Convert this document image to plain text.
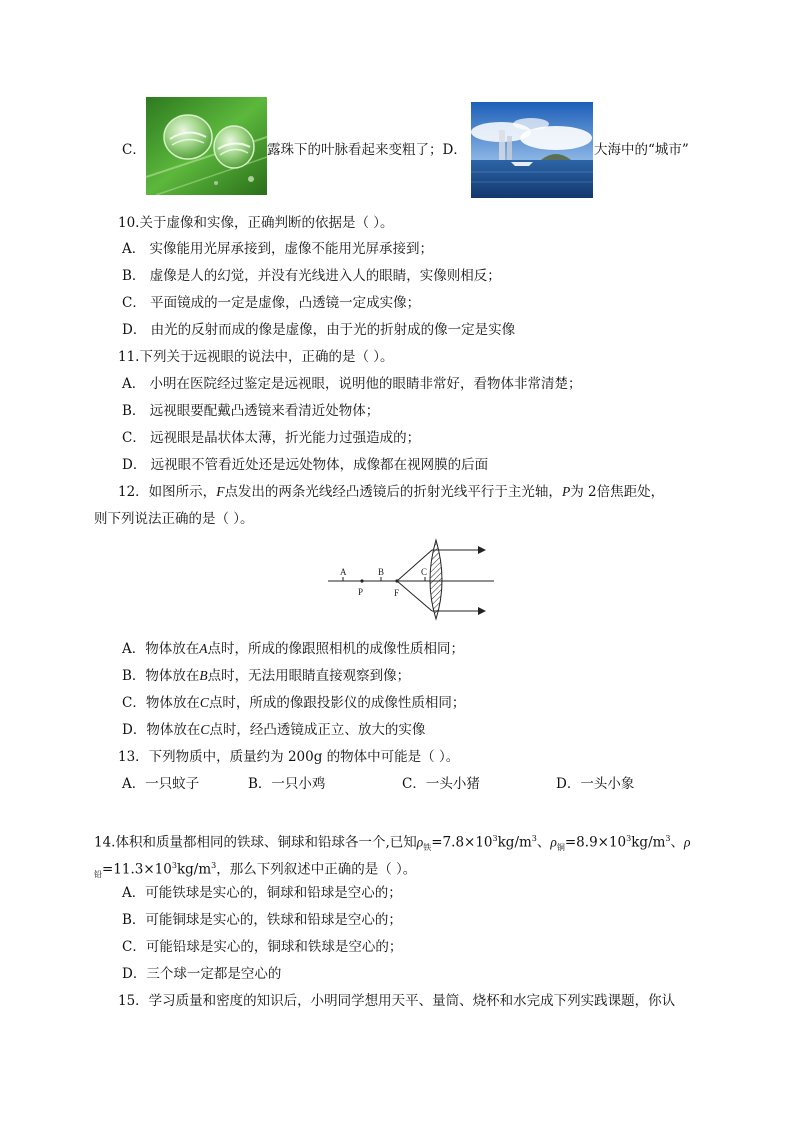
C．	露珠下的叶脉看起来变粗了；D．	大海中的“城市”
10.关于虚像和实像，正确判断的依据是（ ）。
A． 实像能用光屏承接到，虚像不能用光屏承接到；
B． 虚像是人的幻觉，并没有光线进入人的眼睛，实像则相反；
C． 平面镜成的一定是虚像，凸透镜一定成实像；
D． 由光的反射而成的像是虚像，由于光的折射成的像一定是实像
11.下列关于远视眼的说法中，正确的是（ ）。
A． 小明在医院经过鉴定是远视眼，说明他的眼睛非常好，看物体非常清楚；
B． 远视眼要配戴凸透镜来看清近处物体；
C． 远视眼是晶状体太薄，折光能力过强造成的；
D． 远视眼不管看近处还是远处物体，成像都在视网膜的后面
12．如图所示，F点发出的两条光线经凸透镜后的折射光线平行于主光轴，P为 2倍焦距处，
则下列说法正确的是（ ）。
A	B	C
P	F
A．物体放在A点时，所成的像跟照相机的成像性质相同；
B．物体放在B点时，无法用眼睛直接观察到像；
C．物体放在C点时，所成的像跟投影仪的成像性质相同；
D．物体放在C点时，经凸透镜成正立、放大的实像
13．下列物质中，质量约为 200g 的物体中可能是（ ）。
A．一只蚊子	B．一只小鸡	C．一头小猪	D．一头小象
14.体积和质量都相同的铁球、铜球和铅球各一个,已知$\rho_铁=7.8\times 10^3kg/m^3$、$\rho_铜=8.9\times 10^3kg/m^3$、ρ
$_铅=11.3\times 10^3kg/m^3$，那么下列叙述中正确的是（ ）。
A．可能铁球是实心的，铜球和铅球是空心的；
B．可能铜球是实心的，铁球和铅球是空心的；
C．可能铅球是实心的，铜球和铁球是空心的；
D．三个球一定都是空心的
15．学习质量和密度的知识后，小明同学想用天平、量筒、烧杯和水完成下列实践课题，你认
